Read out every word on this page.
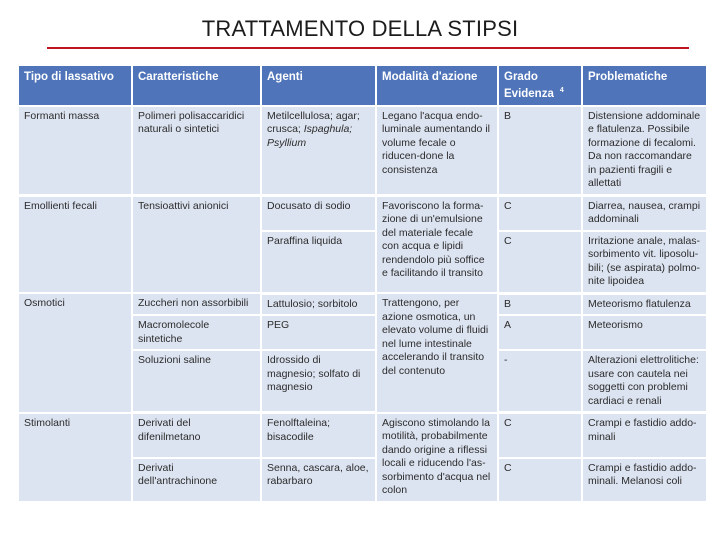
TRATTAMENTO DELLA STIPSI
Tipo di lassativo	Caratteristiche	Agenti	Modalità d'azione	Grado Evidenza $^4$	Problematiche
Formanti massa	Polimeri polisaccaridici naturali o sintetici	Metilcellulosa; agar; crusca; Ispaghula; Psyllium	Legano l'acqua endo-luminale aumentando il volume fecale o riducen-done la consistenza	B	Distensione addominale e flatulenza. Possibile formazione di fecalomi. Da non raccomandare in pazienti fragili e allettati
Emollienti fecali	Tensioattivi anionici	Docusato di sodio	Favoriscono la forma-zione di un'emulsione del materiale fecale con acqua e lipidi rendendolo più soffice e facilitando il transito	C	Diarrea, nausea, crampi addominali
		Paraffina liquida		C	Irritazione anale, malas-sorbimento vit. liposolu-bili; (se aspirata) polmo-nite lipoidea
Osmotici	Zuccheri non assorbibili	Lattulosio; sorbitolo	Trattengono, per azione osmotica, un elevato volume di fluidi nel lume intestinale accelerando il transito del contenuto	B	Meteorismo flatulenza
	Macromolecole sintetiche	PEG		A	Meteorismo
	Soluzioni saline	Idrossido di magnesio; solfato di magnesio		-	Alterazioni elettrolitiche: usare con cautela nei soggetti con problemi cardiaci e renali
Stimolanti	Derivati del difenilmetano	Fenolftaleina; bisacodile	Agiscono stimolando la motilità, probabilmente dando origine a riflessi locali e riducendo l'as-sorbimento d'acqua nel colon	C	Crampi e fastidio addo-minali
	Derivati dell'antrachinone	Senna, cascara, aloe, rabarbaro		C	Crampi e fastidio addo-minali. Melanosi coli
